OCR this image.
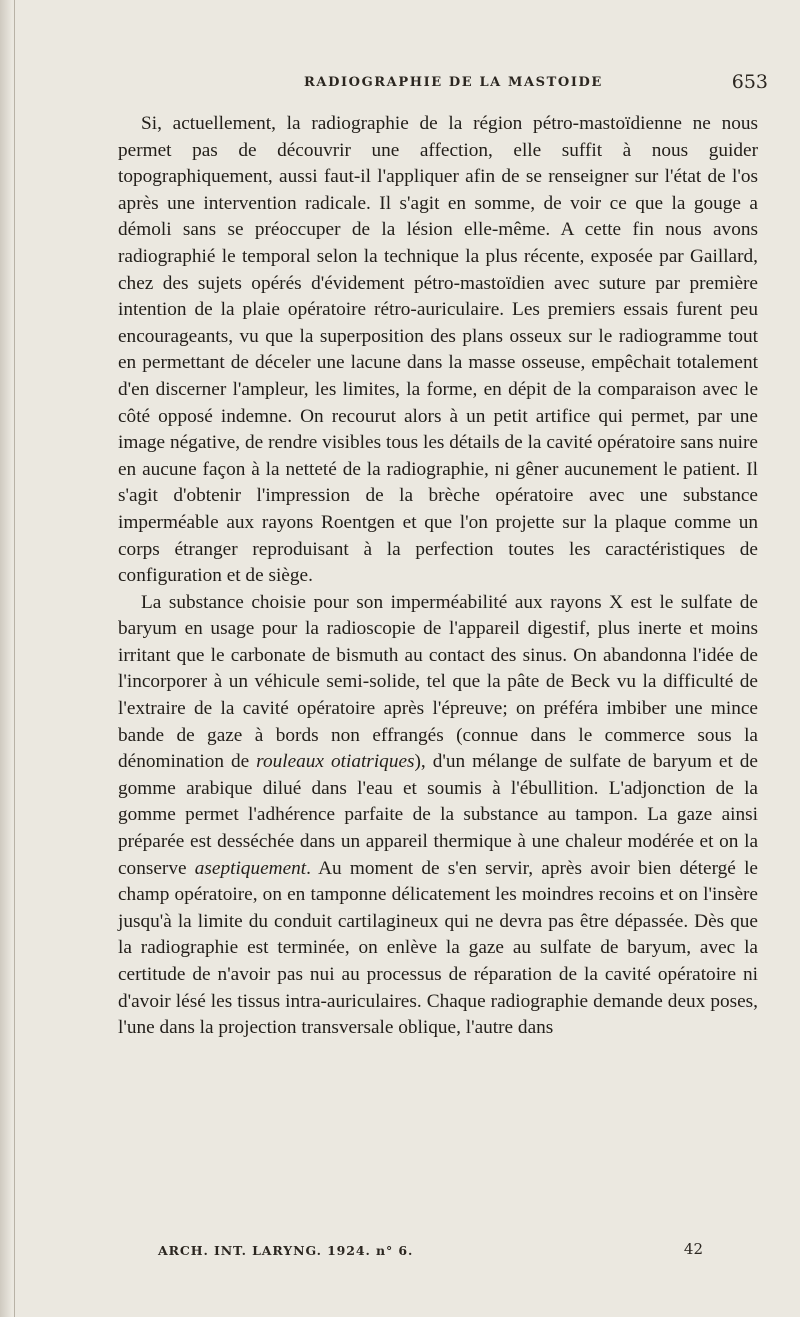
RADIOGRAPHIE DE LA MASTOIDE	653

Si, actuellement, la radiographie de la région pétro-mastoïdienne ne nous permet pas de découvrir une affection, elle suffit à nous guider topographiquement, aussi faut-il l'appliquer afin de se renseigner sur l'état de l'os après une intervention radicale. Il s'agit en somme, de voir ce que la gouge a démoli sans se préoccuper de la lésion elle-même. A cette fin nous avons radiographié le temporal selon la technique la plus récente, exposée par Gaillard, chez des sujets opérés d'évidement pétro-mastoïdien avec suture par première intention de la plaie opératoire rétro-auriculaire. Les premiers essais furent peu encourageants, vu que la superposition des plans osseux sur le radiogramme tout en permettant de déceler une lacune dans la masse osseuse, empêchait totalement d'en discerner l'ampleur, les limites, la forme, en dépit de la comparaison avec le côté opposé indemne. On recourut alors à un petit artifice qui permet, par une image négative, de rendre visibles tous les détails de la cavité opératoire sans nuire en aucune façon à la netteté de la radiographie, ni gêner aucunement le patient. Il s'agit d'obtenir l'impression de la brèche opératoire avec une substance imperméable aux rayons Roentgen et que l'on projette sur la plaque comme un corps étranger reproduisant à la perfection toutes les caractéristiques de configuration et de siège.

La substance choisie pour son imperméabilité aux rayons X est le sulfate de baryum en usage pour la radioscopie de l'appareil digestif, plus inerte et moins irritant que le carbonate de bismuth au contact des sinus. On abandonna l'idée de l'incorporer à un véhicule semi-solide, tel que la pâte de Beck vu la difficulté de l'extraire de la cavité opératoire après l'épreuve; on préféra imbiber une mince bande de gaze à bords non effrangés (connue dans le commerce sous la dénomination de rouleaux otiatriques), d'un mélange de sulfate de baryum et de gomme arabique dilué dans l'eau et soumis à l'ébullition. L'adjonction de la gomme permet l'adhérence parfaite de la substance au tampon. La gaze ainsi préparée est desséchée dans un appareil thermique à une chaleur modérée et on la conserve aseptiquement. Au moment de s'en servir, après avoir bien détergé le champ opératoire, on en tamponne délicatement les moindres recoins et on l'insère jusqu'à la limite du conduit cartilagineux qui ne devra pas être dépassée. Dès que la radiographie est terminée, on enlève la gaze au sulfate de baryum, avec la certitude de n'avoir pas nui au processus de réparation de la cavité opératoire ni d'avoir lésé les tissus intra-auriculaires. Chaque radiographie demande deux poses, l'une dans la projection transversale oblique, l'autre dans

ARCH. INT. LARYNG. 1924. n° 6.	42
